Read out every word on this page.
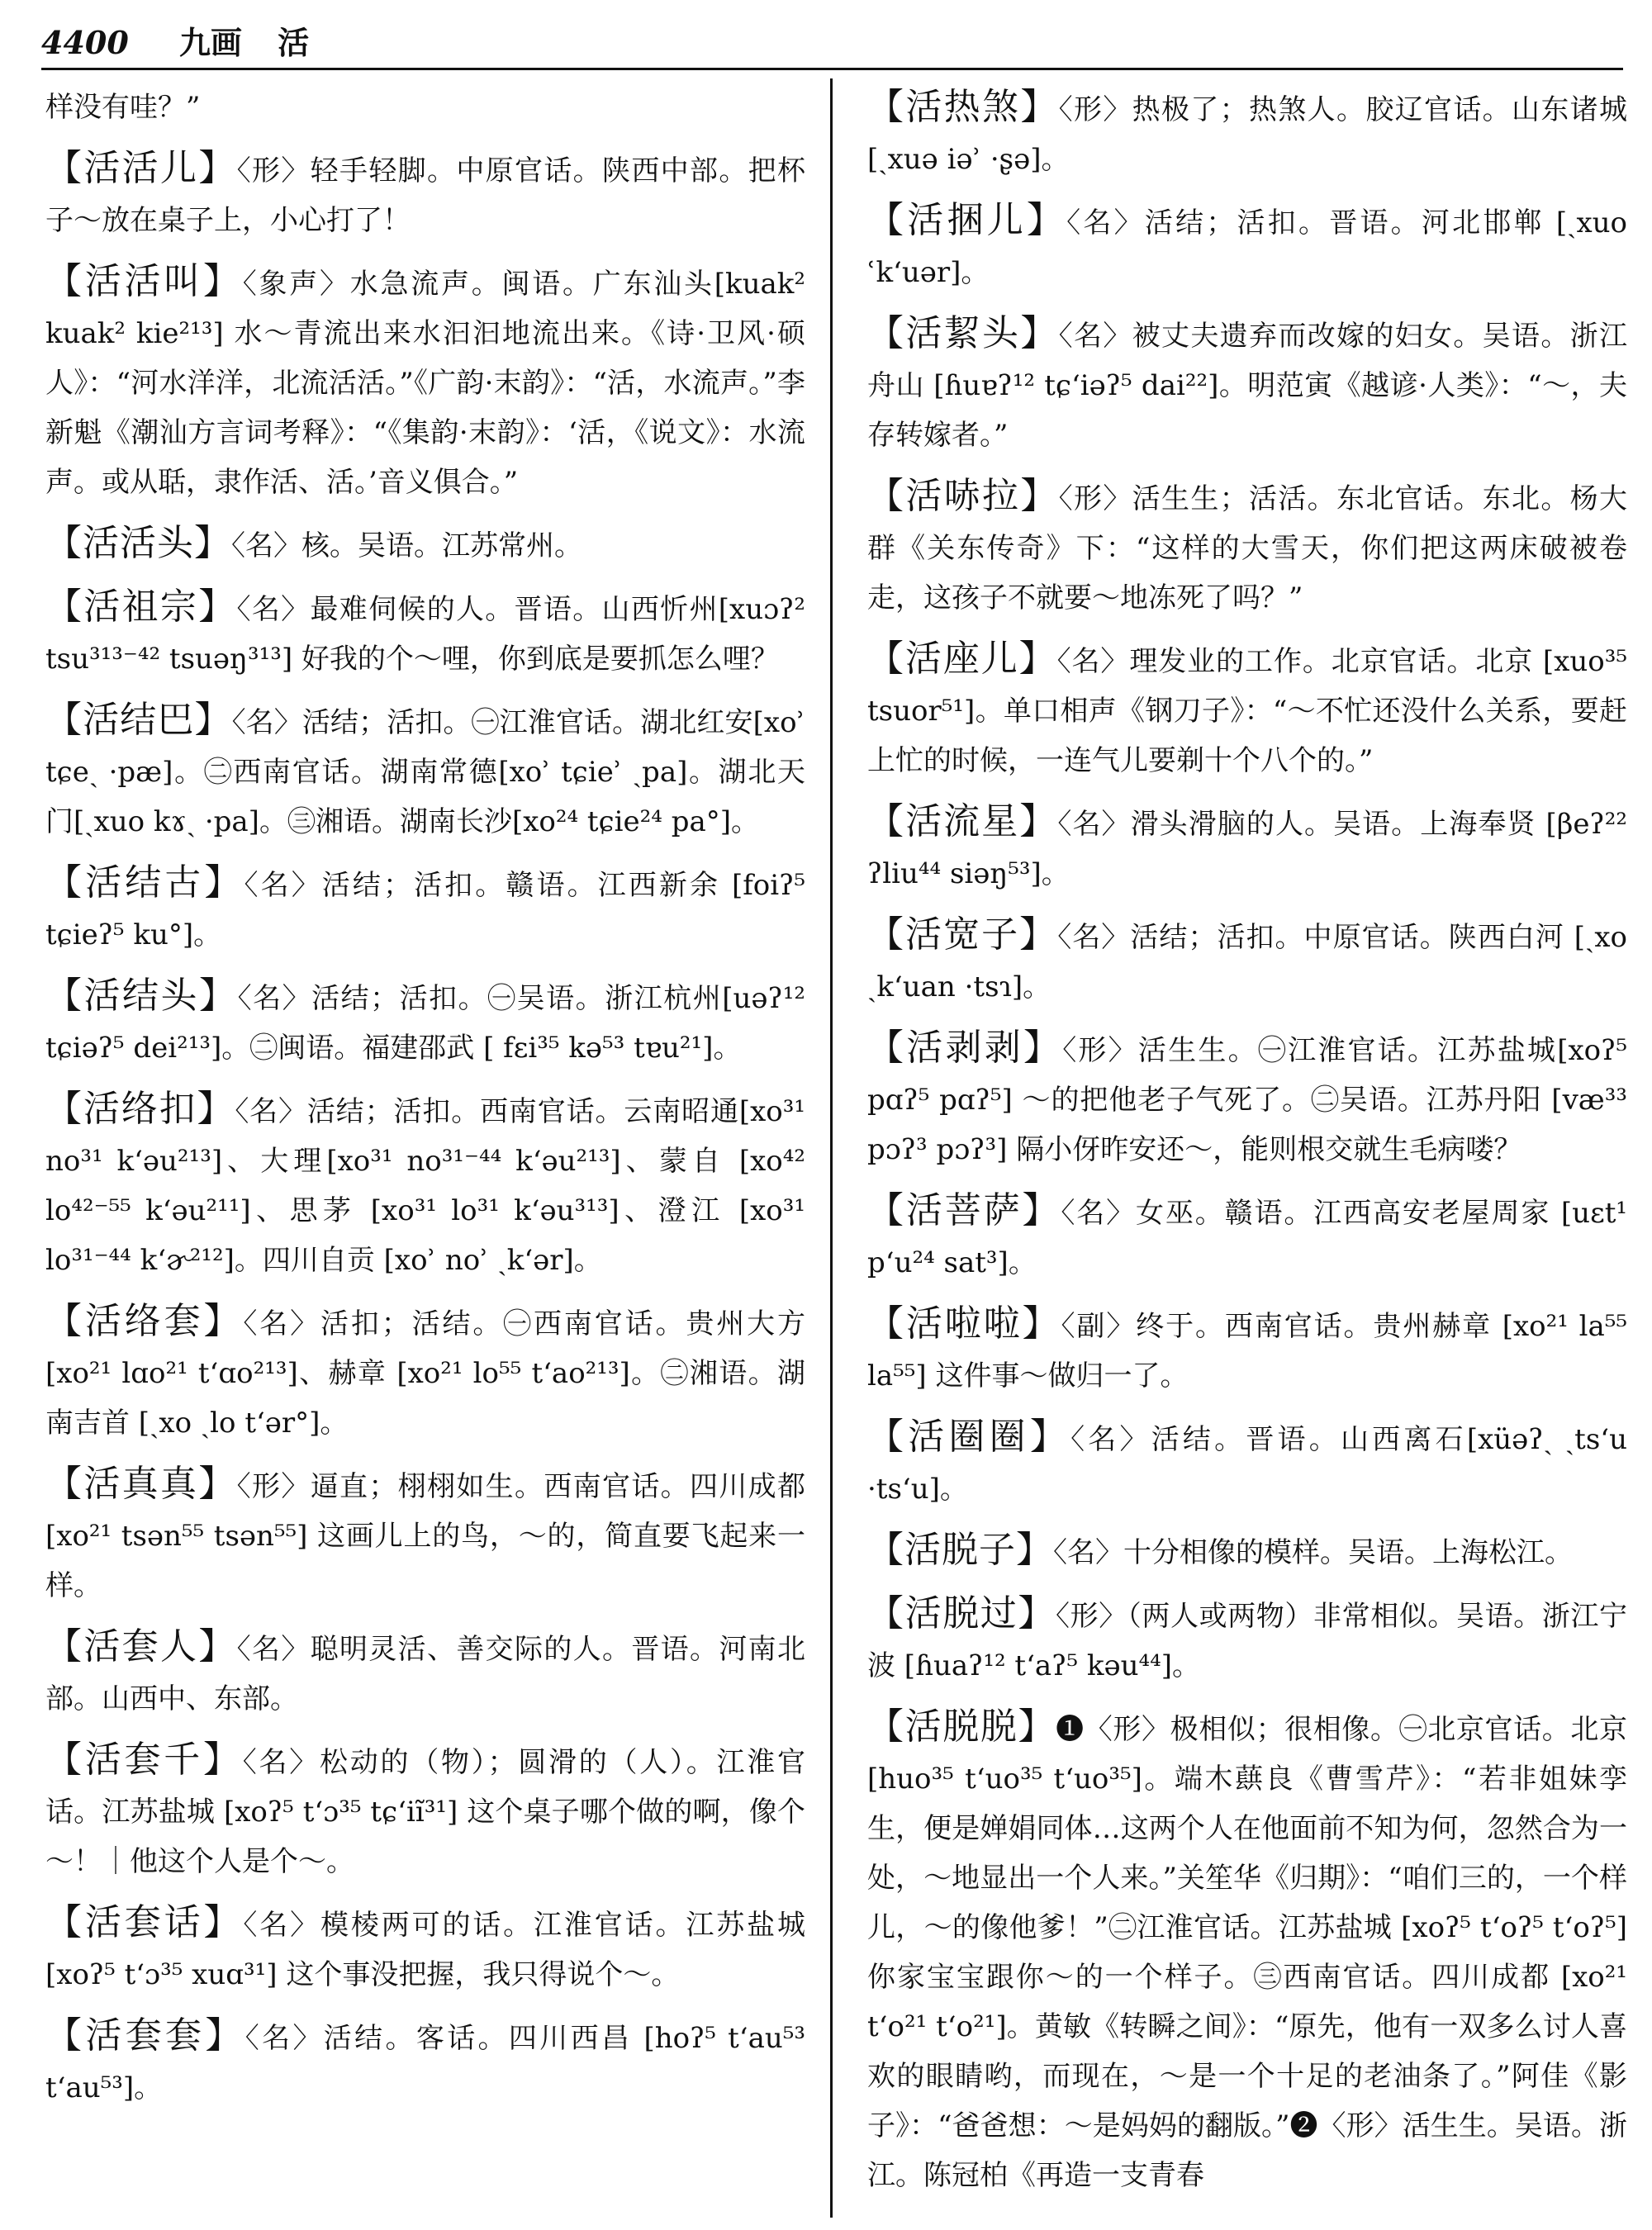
4400 九画 活
样没有哇？”
【活活儿】〈形〉轻手轻脚。中原官话。陕西中部。把杯子～放在桌子上，小心打了！
【活活叫】〈象声〉水急流声。闽语。广东汕头[kuak² kuak² kie²¹³] 水～青流出来水汩汩地流出来。《诗·卫风·硕人》：“河水洋洋，北流活活。”《广韵·末韵》：“活，水流声。”李新魁《潮汕方言词考释》：“《集韵·末韵》：‘活，《说文》：水流声。或从聒，隶作活、活。’音义俱合。”
【活活头】〈名〉核。吴语。江苏常州。
【活祖宗】〈名〉最难伺候的人。晋语。山西忻州[xuɔʔ² tsu³¹³⁻⁴² tsuəŋ³¹³] 好我的个～哩，你到底是要抓怎么哩？
【活结巴】〈名〉活结；活扣。㊀江淮官话。湖北红安[xoʾ tɕeˏ ·pæ]。㊁西南官话。湖南常德[xoʾ tɕieʾ ˏpa]。湖北天门[ˏxuo kɤˏ ·pa]。㊂湘语。湖南长沙[xo²⁴ tɕie²⁴ pa°]。
【活结古】〈名〉活结；活扣。赣语。江西新余 [foiʔ⁵ tɕieʔ⁵ ku°]。
【活结头】〈名〉活结；活扣。㊀吴语。浙江杭州[uəʔ¹² tɕiəʔ⁵ dei²¹³]。㊁闽语。福建邵武 [ fɛi³⁵ kə⁵³ tɐu²¹]。
【活络扣】〈名〉活结；活扣。西南官话。云南昭通[xo³¹ no³¹ k‘əu²¹³]、大理[xo³¹ no³¹⁻⁴⁴ k‘əu²¹³]、蒙自 [xo⁴² lo⁴²⁻⁵⁵ k‘əu²¹¹]、思茅 [xo³¹ lo³¹ k‘əu³¹³]、澄江 [xo³¹ lo³¹⁻⁴⁴ k‘ɚ²¹²]。四川自贡 [xoʾ noʾ ˏk‘ər]。
【活络套】〈名〉活扣；活结。㊀西南官话。贵州大方 [xo²¹ lɑo²¹ t‘ɑo²¹³]、赫章 [xo²¹ lo⁵⁵ t‘ao²¹³]。㊁湘语。湖南吉首 [ˏxo ˏlo t‘ər°]。
【活真真】〈形〉逼直；栩栩如生。西南官话。四川成都 [xo²¹ tsən⁵⁵ tsən⁵⁵] 这画儿上的鸟，～的，简直要飞起来一样。
【活套人】〈名〉聪明灵活、善交际的人。晋语。河南北部。山西中、东部。
【活套千】〈名〉松动的（物）；圆滑的（人）。江淮官话。江苏盐城 [xoʔ⁵ t‘ɔ³⁵ tɕ‘iĩ³¹] 这个桌子哪个做的啊，像个～！｜他这个人是个～。
【活套话】〈名〉模棱两可的话。江淮官话。江苏盐城 [xoʔ⁵ t‘ɔ³⁵ xuɑ³¹] 这个事没把握，我只得说个～。
【活套套】〈名〉活结。客话。四川西昌 [hoʔ⁵ t‘au⁵³ t‘au⁵³]。
【活热煞】〈形〉热极了；热煞人。胶辽官话。山东诸城[ˏxuə iəʾ ·ʂə]。
【活捆儿】〈名〉活结；活扣。晋语。河北邯郸 [ˏxuo ʿk‘uər]。
【活絜头】〈名〉被丈夫遗弃而改嫁的妇女。吴语。浙江舟山 [ɦuɐʔ¹² tɕ‘iəʔ⁵ dai²²]。明范寅《越谚·人类》：“～，夫存转嫁者。”
【活哧拉】〈形〉活生生；活活。东北官话。东北。杨大群《关东传奇》下：“这样的大雪天，你们把这两床破被卷走，这孩子不就要～地冻死了吗？”
【活座儿】〈名〉理发业的工作。北京官话。北京 [xuo³⁵ tsuor⁵¹]。单口相声《钢刀子》：“～不忙还没什么关系，要赶上忙的时候，一连气儿要剃十个八个的。”
【活流星】〈名〉滑头滑脑的人。吴语。上海奉贤 [βeʔ²² ʔliu⁴⁴ siəŋ⁵³]。
【活宽子】〈名〉活结；活扣。中原官话。陕西白河 [ˏxo ˏk‘uan ·tsɿ]。
【活剥剥】〈形〉活生生。㊀江淮官话。江苏盐城[xoʔ⁵ pɑʔ⁵ pɑʔ⁵] ～的把他老子气死了。㊁吴语。江苏丹阳 [væ³³ pɔʔ³ pɔʔ³] 隔小伢昨安还～，能则根交就生毛病喽？
【活菩萨】〈名〉女巫。赣语。江西高安老屋周家 [uɛt¹ p‘u²⁴ sat³]。
【活啦啦】〈副〉终于。西南官话。贵州赫章 [xo²¹ la⁵⁵ la⁵⁵] 这件事～做归一了。
【活圈圈】〈名〉活结。晋语。山西离石[xüəʔˏ ˏts‘u ·ts‘u]。
【活脱子】〈名〉十分相像的模样。吴语。上海松江。
【活脱过】〈形〉（两人或两物）非常相似。吴语。浙江宁波 [ɦuaʔ¹² t‘aʔ⁵ kəu⁴⁴]。
【活脱脱】❶〈形〉极相似；很相像。㊀北京官话。北京 [huo³⁵ t‘uo³⁵ t‘uo³⁵]。端木蕻良《曹雪芹》：“若非姐妹孪生，便是婵娟同体…这两个人在他面前不知为何，忽然合为一处，～地显出一个人来。”关笙华《归期》：“咱们三的，一个样儿，～的像他爹！”㊁江淮官话。江苏盐城 [xoʔ⁵ t‘oʔ⁵ t‘oʔ⁵] 你家宝宝跟你～的一个样子。㊂西南官话。四川成都 [xo²¹ t‘o²¹ t‘o²¹]。黄敏《转瞬之间》：“原先，他有一双多么讨人喜欢的眼睛哟，而现在，～是一个十足的老油条了。”阿佳《影子》：“爸爸想：～是妈妈的翻版。”❷〈形〉活生生。吴语。浙江。陈冠柏《再造一支青春
